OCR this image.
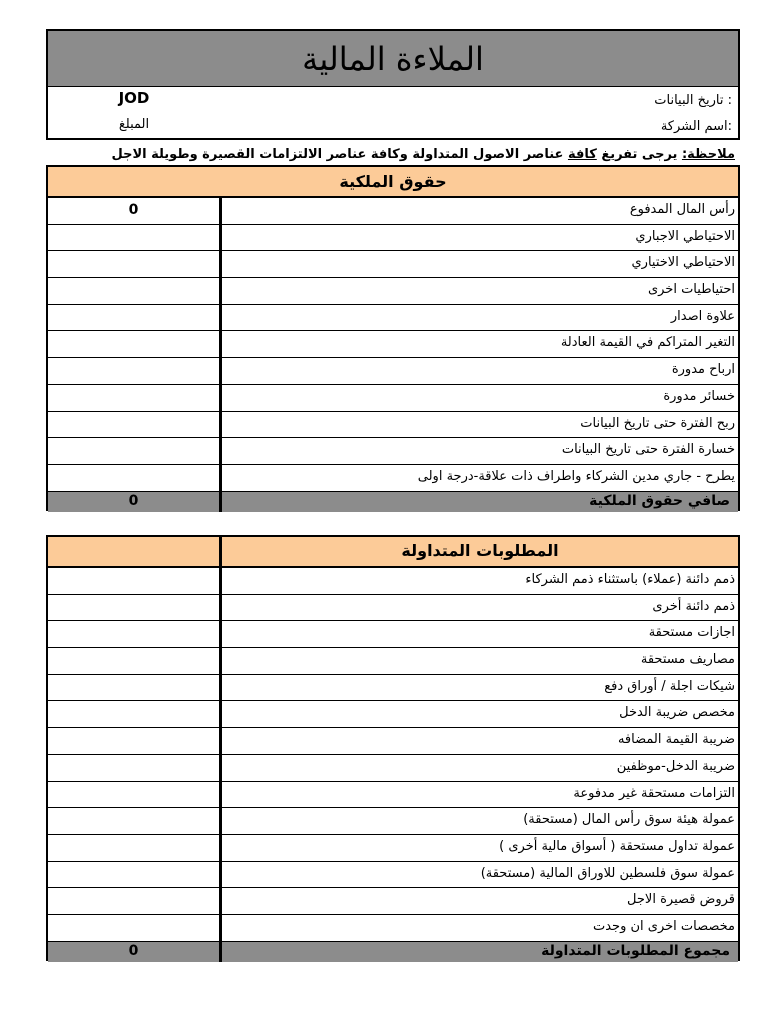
الملاءة المالية
: تاريخ البيانات
JOD
:اسم الشركة
المبلغ
ملاحظة: يرجى تفريغ كافة عناصر الاصول المتداولة وكافة عناصر الالتزامات القصيرة وطويلة الاجل
حقوق الملكية
0	رأس المال المدفوع
الاحتياطي الاجباري
الاحتياطي الاختياري
احتياطيات اخرى
علاوة اصدار
التغير المتراكم في القيمة العادلة
ارباح مدورة
خسائر مدورة
ربح الفترة حتى تاريخ البيانات
خسارة الفترة حتى تاريخ البيانات
يطرح - جاري مدين الشركاء واطراف ذات علاقة-درجة اولى
0	صافي حقوق الملكية
المطلوبات المتداولة
ذمم دائنة (عملاء) باستثناء ذمم الشركاء
ذمم دائنة أخرى
اجازات مستحقة
مصاريف مستحقة
شيكات اجلة / أوراق دفع
مخصص ضريبة الدخل
ضريبة القيمة المضافه
ضريبة الدخل-موظفين
التزامات مستحقة غير مدفوعة
عمولة هيئة سوق رأس المال (مستحقة)
عمولة تداول مستحقة ( أسواق مالية أخرى )
عمولة سوق فلسطين للاوراق المالية (مستحقة)
قروض قصيرة الاجل
مخصصات اخرى ان وجدت
0	مجموع المطلوبات المتداولة
